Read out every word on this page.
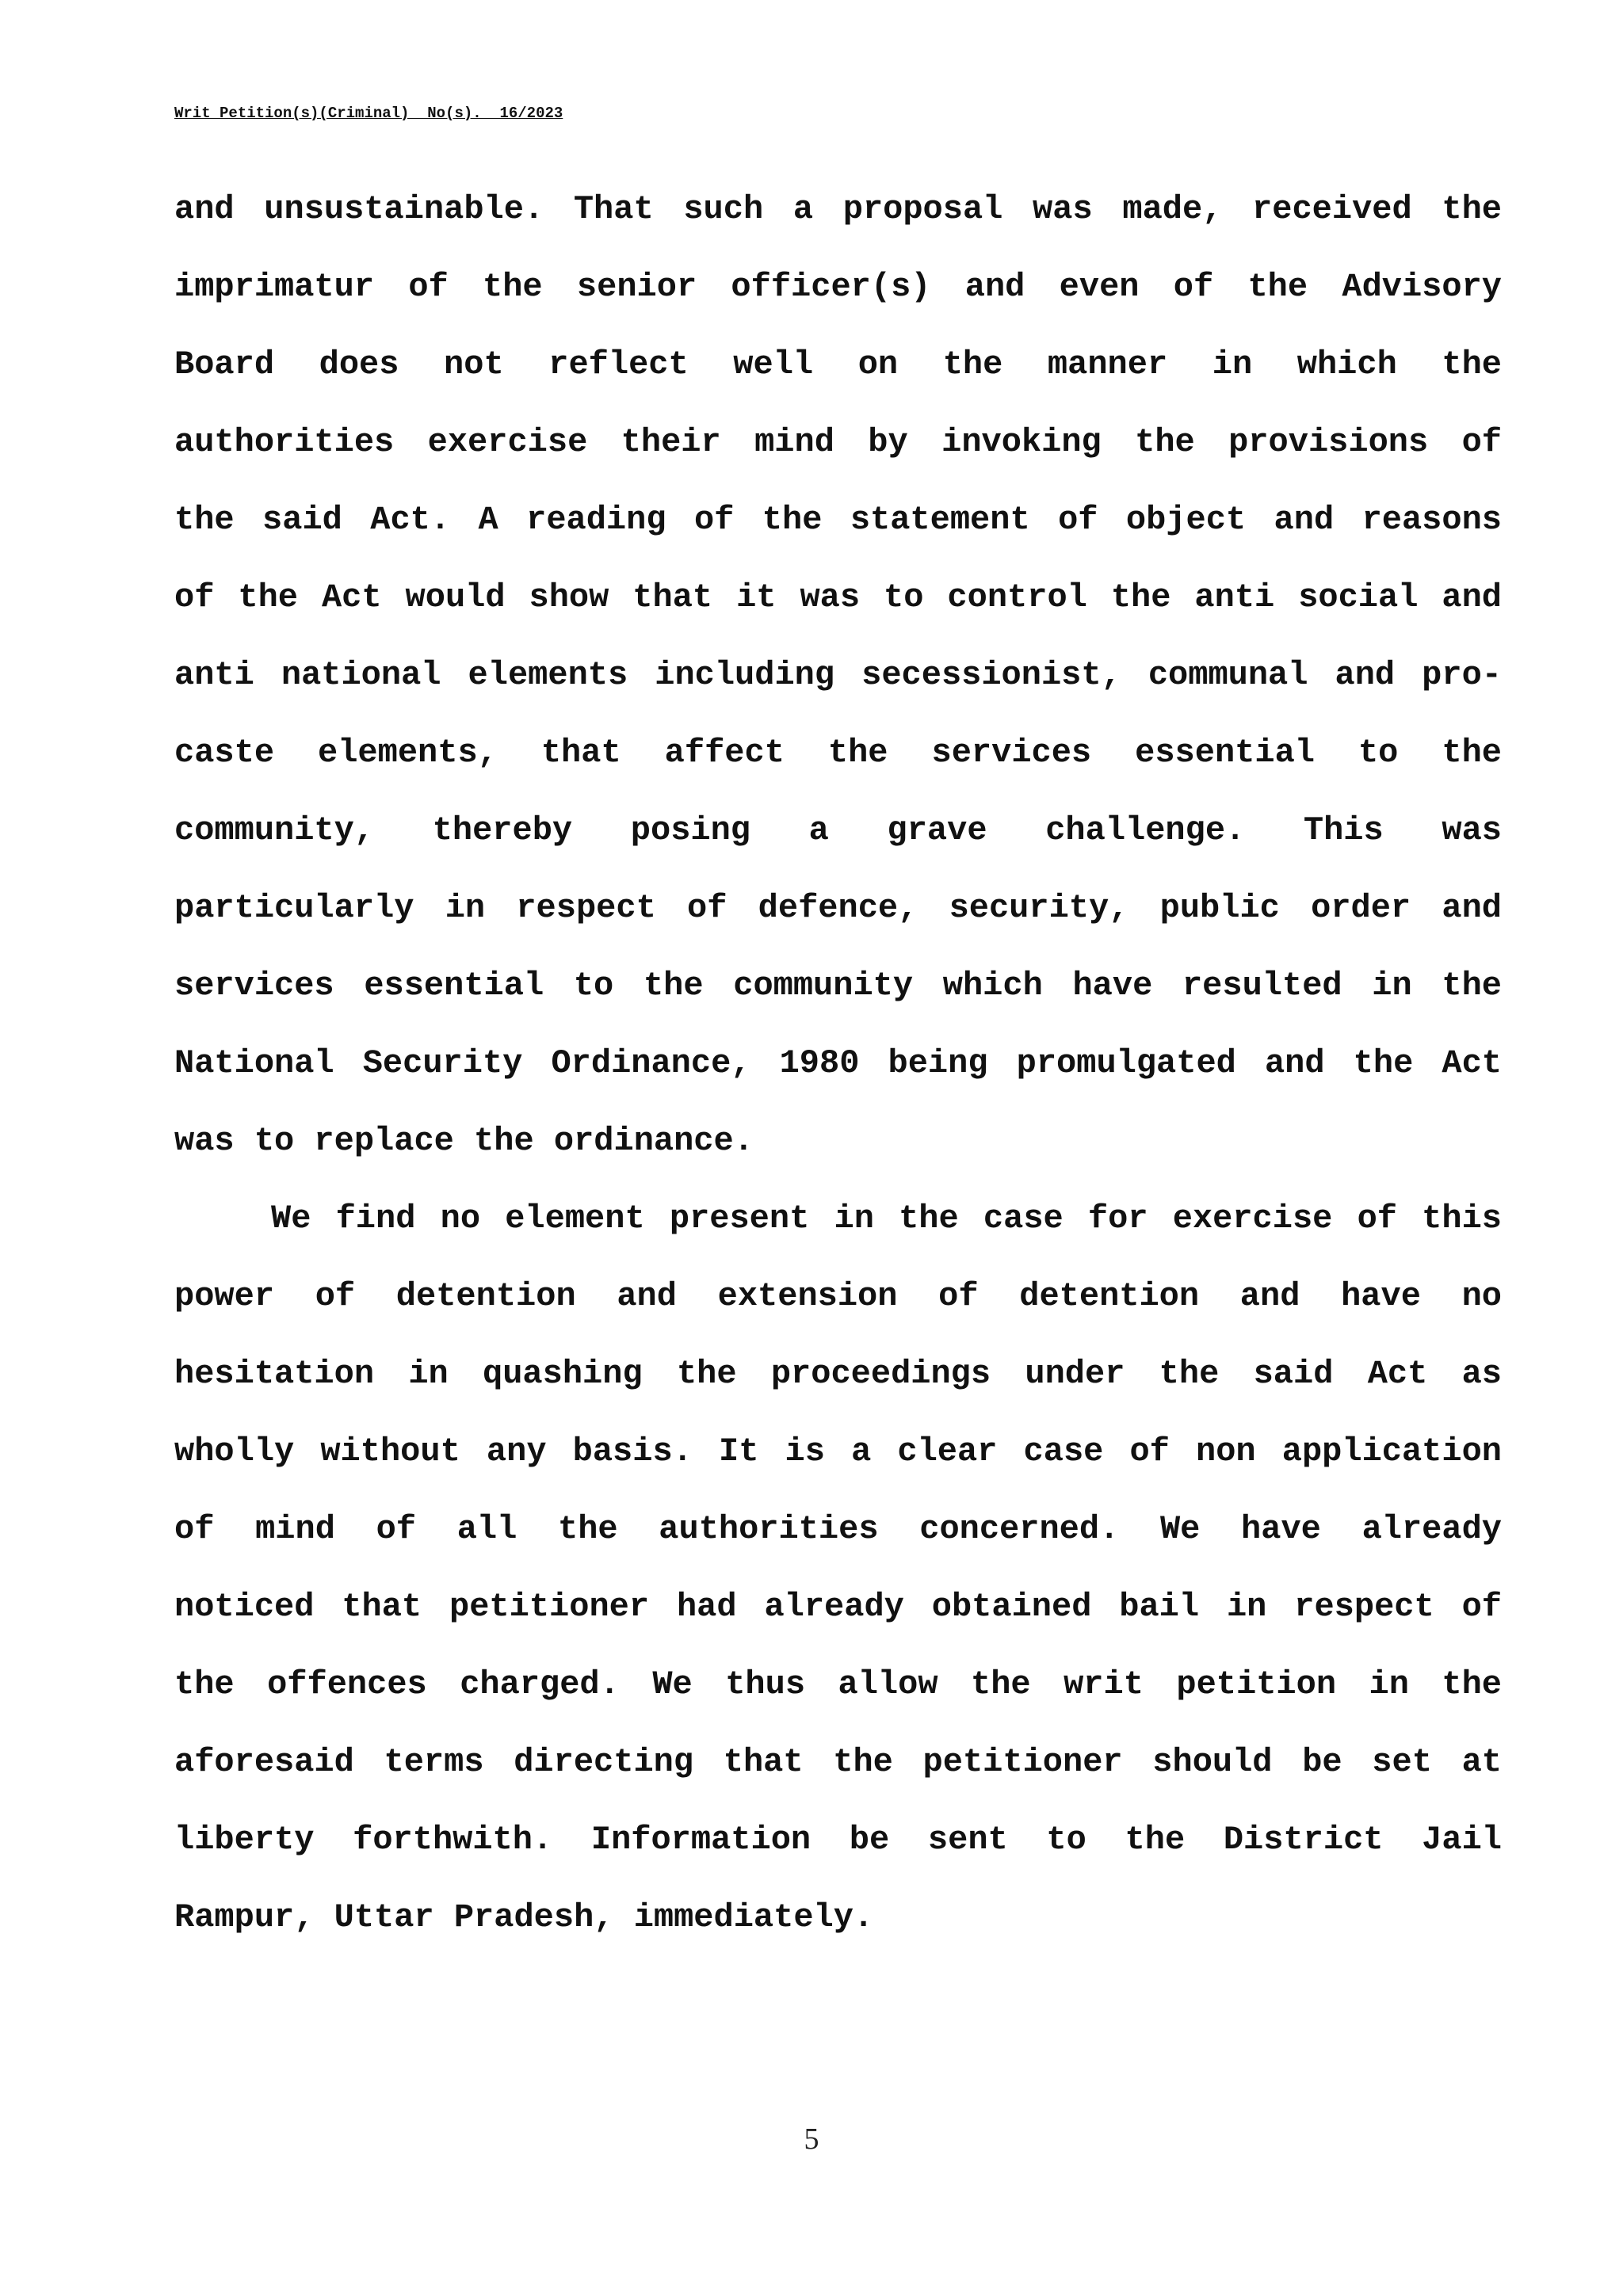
Writ Petition(s)(Criminal)  No(s).  16/2023
and unsustainable. That such a proposal was made, received the
imprimatur of the senior officer(s) and even of the Advisory
Board does not reflect well on the manner in which the
authorities exercise their mind by invoking the provisions of
the said Act. A reading of the statement of object and reasons
of the Act would show that it was to control the anti social and
anti national elements including secessionist, communal and pro-
caste elements, that affect the services essential to the
community, thereby posing a grave challenge. This was
particularly in respect of defence, security, public order and
services essential to the community which have resulted in the
National Security Ordinance, 1980 being promulgated and the Act
was to replace the ordinance.
We find no element present in the case for exercise of this
power of detention and extension of detention and have no
hesitation in quashing the proceedings under the said Act as
wholly without any basis. It is a clear case of non application
of mind of all the authorities concerned. We have already
noticed that petitioner had already obtained bail in respect of
the offences charged. We thus allow the writ petition in the
aforesaid terms directing that the petitioner should be set at
liberty forthwith. Information be sent to the District Jail
Rampur, Uttar Pradesh, immediately.
5
